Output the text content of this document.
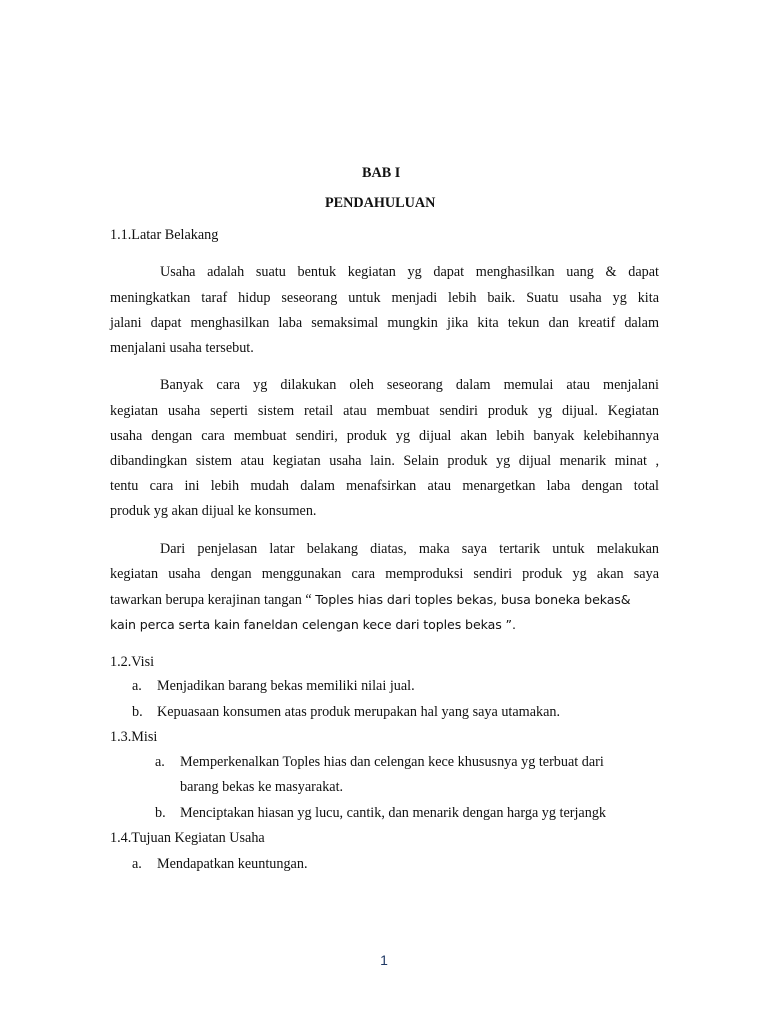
BAB I
PENDAHULUAN
1.1.Latar Belakang
Usaha adalah suatu bentuk kegiatan yg dapat menghasilkan uang & dapat
meningkatkan taraf hidup seseorang untuk menjadi lebih baik. Suatu usaha yg kita
jalani dapat menghasilkan laba semaksimal mungkin jika kita tekun dan kreatif dalam
menjalani usaha tersebut.
Banyak cara yg dilakukan oleh seseorang dalam memulai atau menjalani
kegiatan usaha seperti sistem retail atau membuat sendiri produk yg dijual. Kegiatan
usaha dengan cara membuat sendiri, produk yg dijual akan lebih banyak kelebihannya
dibandingkan sistem atau kegiatan usaha lain. Selain produk yg dijual menarik minat ,
tentu cara ini lebih mudah dalam menafsirkan atau menargetkan laba dengan total
produk yg akan dijual ke konsumen.
Dari penjelasan latar belakang diatas, maka saya tertarik untuk melakukan
kegiatan usaha dengan menggunakan cara memproduksi sendiri produk yg akan saya
tawarkan berupa kerajinan tangan “ Toples hias dari toples bekas, busa boneka bekas&
kain perca serta kain faneldan celengan kece dari toples bekas ”.
1.2.Visi
a. Menjadikan barang bekas memiliki nilai jual.
b. Kepuasaan konsumen atas produk merupakan hal yang saya utamakan.
1.3.Misi
a. Memperkenalkan Toples hias dan celengan kece khususnya yg terbuat dari
barang bekas ke masyarakat.
b. Menciptakan hiasan yg lucu, cantik, dan menarik dengan harga yg terjangk
1.4.Tujuan Kegiatan Usaha
a. Mendapatkan keuntungan.
1
